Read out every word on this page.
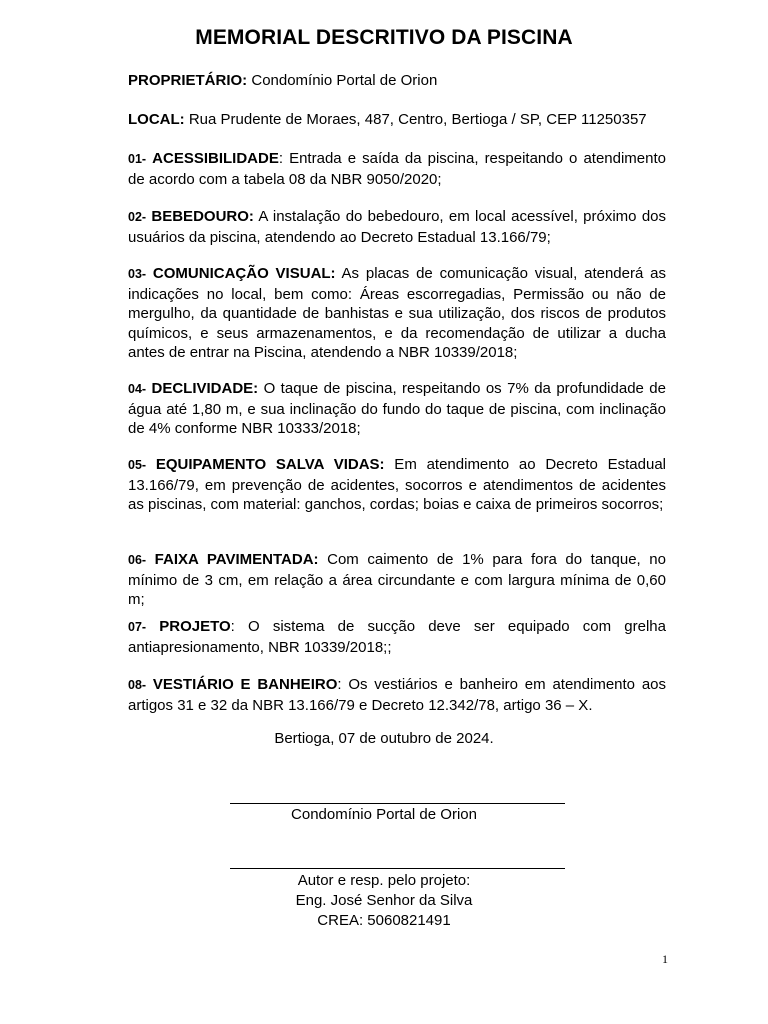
MEMORIAL DESCRITIVO DA PISCINA
PROPRIETÁRIO: Condomínio Portal de Orion
LOCAL: Rua Prudente de Moraes, 487, Centro, Bertioga / SP, CEP 11250357
01- ACESSIBILIDADE: Entrada e saída da piscina, respeitando o atendimento de acordo com a tabela 08 da NBR 9050/2020;
02- BEBEDOURO: A instalação do bebedouro, em local acessível, próximo dos usuários da piscina, atendendo ao Decreto Estadual 13.166/79;
03- COMUNICAÇÃO VISUAL: As placas de comunicação visual, atenderá as indicações no local, bem como: Áreas escorregadias, Permissão ou não de mergulho, da quantidade de banhistas e sua utilização, dos riscos de produtos químicos, e seus armazenamentos, e da recomendação de utilizar a ducha antes de entrar na Piscina, atendendo a NBR 10339/2018;
04- DECLIVIDADE: O taque de piscina, respeitando os 7% da profundidade de água até 1,80 m, e sua inclinação do fundo do taque de piscina, com inclinação de 4% conforme NBR 10333/2018;
05- EQUIPAMENTO SALVA VIDAS: Em atendimento ao Decreto Estadual 13.166/79, em prevenção de acidentes, socorros e atendimentos de acidentes as piscinas, com material: ganchos, cordas; boias e caixa de primeiros socorros;
06- FAIXA PAVIMENTADA: Com caimento de 1% para fora do tanque, no mínimo de 3 cm, em relação a área circundante e com largura mínima de 0,60 m;
07- PROJETO: O sistema de sucção deve ser equipado com grelha antiapresionamento, NBR 10339/2018;;
08- VESTIÁRIO E BANHEIRO: Os vestiários e banheiro em atendimento aos artigos 31 e 32 da NBR 13.166/79 e Decreto 12.342/78, artigo 36 – X.
Bertioga, 07 de outubro de 2024.
Condomínio Portal de Orion
Autor e resp. pelo projeto:
Eng. José Senhor da Silva
CREA: 5060821491
1
